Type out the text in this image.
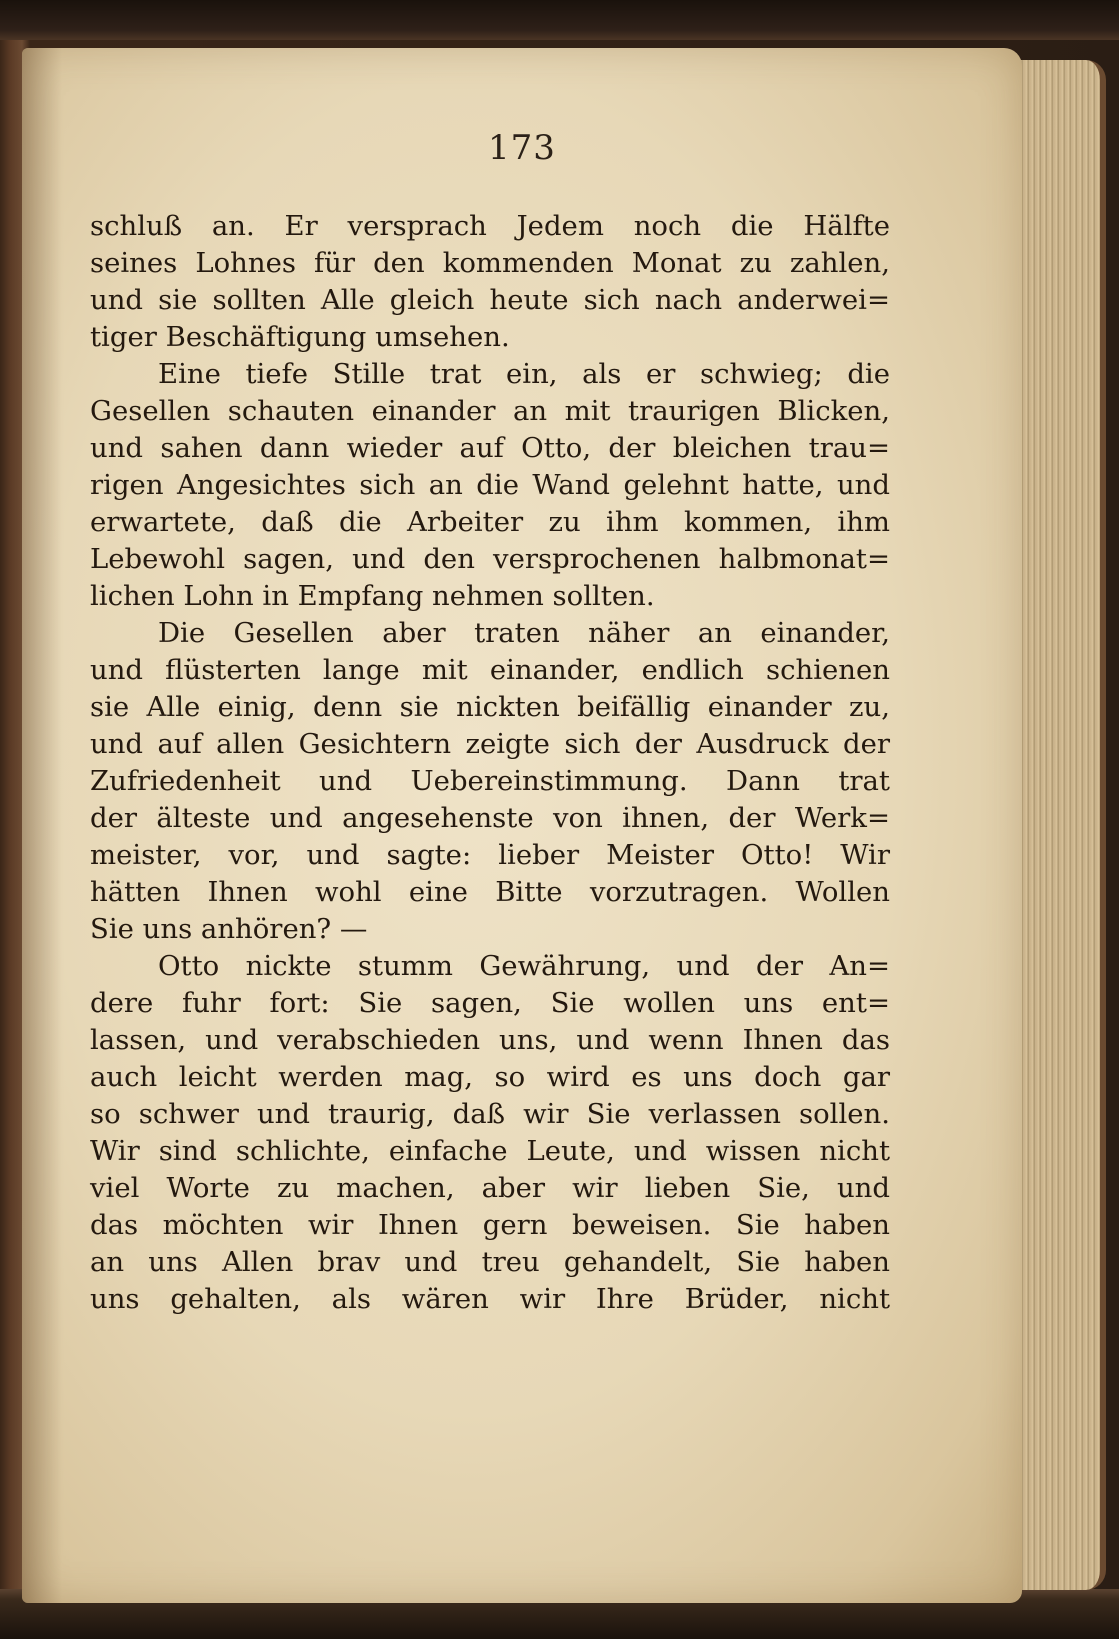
173
schluß an. Er versprach Jedem noch die Hälfte
seines Lohnes für den kommenden Monat zu zahlen,
und sie sollten Alle gleich heute sich nach anderwei=
tiger Beschäftigung umsehen.
Eine tiefe Stille trat ein, als er schwieg; die
Gesellen schauten einander an mit traurigen Blicken,
und sahen dann wieder auf Otto, der bleichen trau=
rigen Angesichtes sich an die Wand gelehnt hatte, und
erwartete, daß die Arbeiter zu ihm kommen, ihm
Lebewohl sagen, und den versprochenen halbmonat=
lichen Lohn in Empfang nehmen sollten.
Die Gesellen aber traten näher an einander,
und flüsterten lange mit einander, endlich schienen
sie Alle einig, denn sie nickten beifällig einander zu,
und auf allen Gesichtern zeigte sich der Ausdruck der
Zufriedenheit und Uebereinstimmung. Dann trat
der älteste und angesehenste von ihnen, der Werk=
meister, vor, und sagte: lieber Meister Otto! Wir
hätten Ihnen wohl eine Bitte vorzutragen. Wollen
Sie uns anhören? —
Otto nickte stumm Gewährung, und der An=
dere fuhr fort: Sie sagen, Sie wollen uns ent=
lassen, und verabschieden uns, und wenn Ihnen das
auch leicht werden mag, so wird es uns doch gar
so schwer und traurig, daß wir Sie verlassen sollen.
Wir sind schlichte, einfache Leute, und wissen nicht
viel Worte zu machen, aber wir lieben Sie, und
das möchten wir Ihnen gern beweisen. Sie haben
an uns Allen brav und treu gehandelt, Sie haben
uns gehalten, als wären wir Ihre Brüder, nicht
